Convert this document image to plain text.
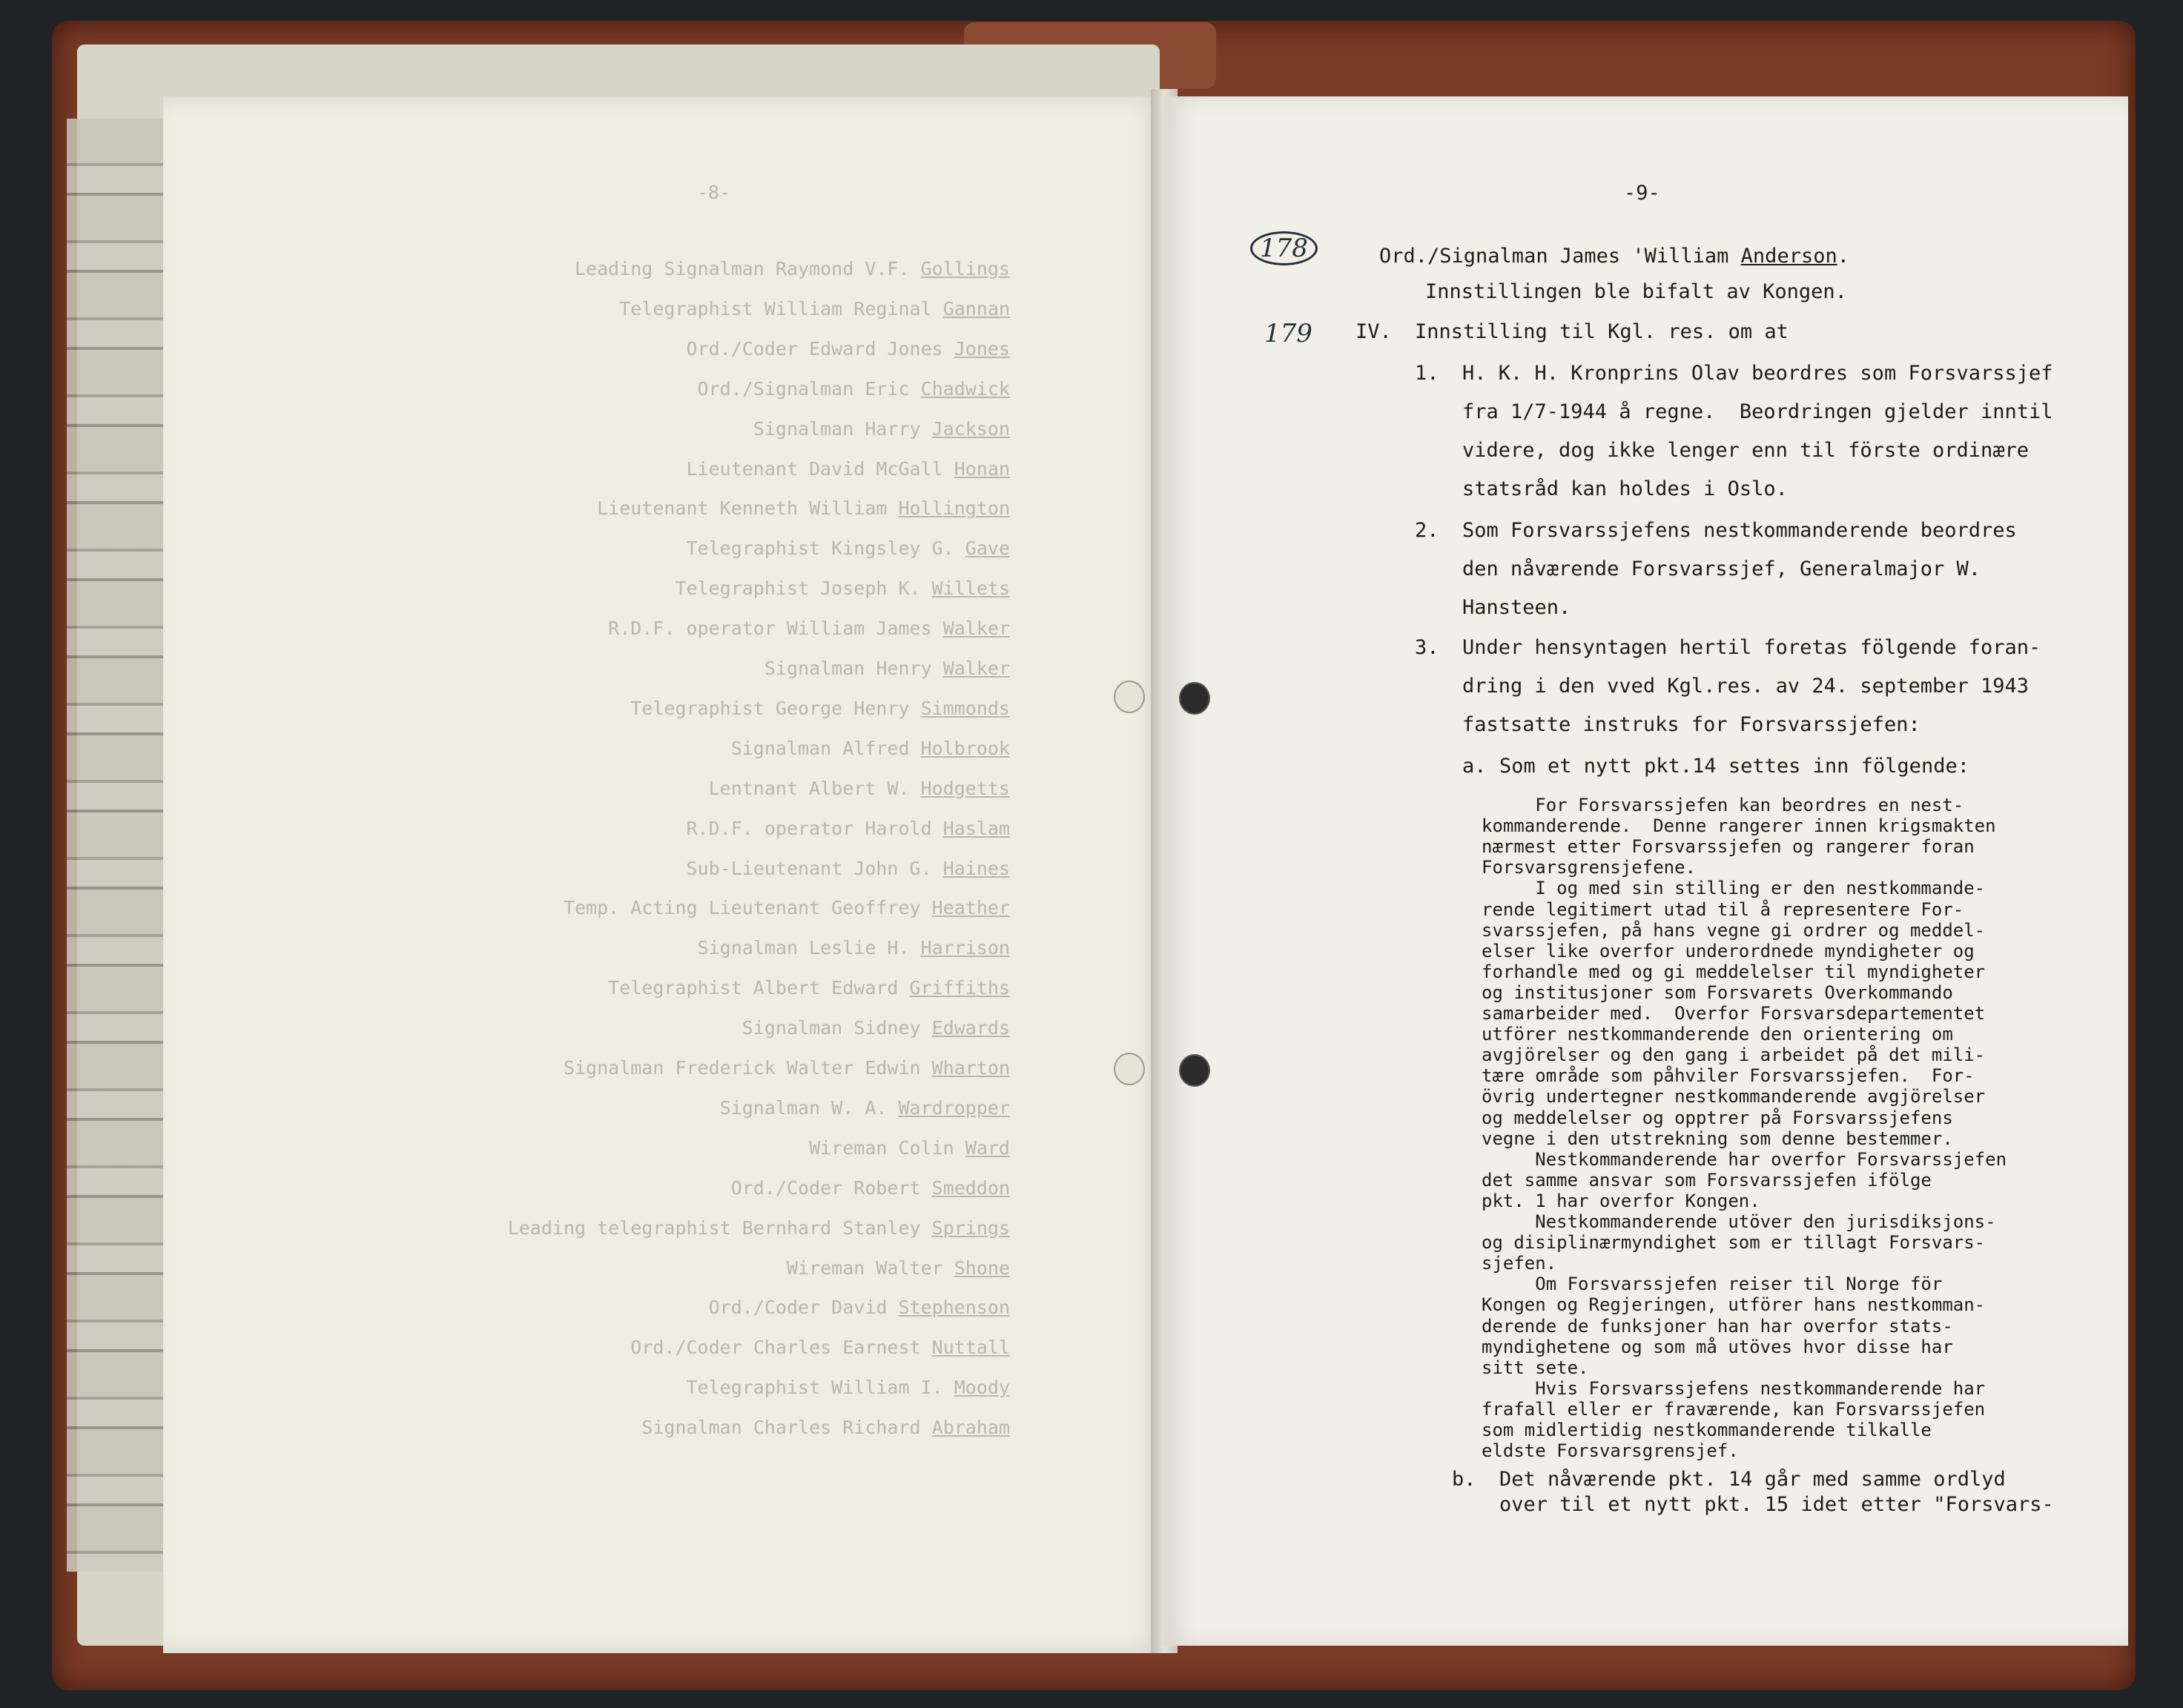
-8-
Leading Signalman Raymond V.F. Gollings
Telegraphist William Reginal Gannan
Ord./Coder Edward Jones Jones
Ord./Signalman Eric Chadwick
Signalman Harry Jackson
Lieutenant David McGall Honan
Lieutenant Kenneth William Hollington
Telegraphist Kingsley G. Gave
Telegraphist Joseph K. Willets
R.D.F. operator William James Walker
Signalman Henry Walker
Telegraphist George Henry Simmonds
Signalman Alfred Holbrook
Lentnant Albert W. Hodgetts
R.D.F. operator Harold Haslam
Sub-Lieutenant John G. Haines
Temp. Acting Lieutenant Geoffrey Heather
Signalman Leslie H. Harrison
Telegraphist Albert Edward Griffiths
Signalman Sidney Edwards
Signalman Frederick Walter Edwin Wharton
Signalman W. A. Wardropper
Wireman Colin Ward
Ord./Coder Robert Smeddon
Leading telegraphist Bernhard Stanley Springs
Wireman Walter Shone
Ord./Coder David Stephenson
Ord./Coder Charles Earnest Nuttall
Telegraphist William I. Moody
Signalman Charles Richard Abraham
-9-
178
179
Ord./Signalman James 'William Anderson.
Innstillingen ble bifalt av Kongen.
IV. Innstilling til Kgl. res. om at
1. H. K. H. Kronprins Olav beordres som Forsvarssjef
fra 1/7-1944 å regne.  Beordringen gjelder inntil
videre, dog ikke lenger enn til förste ordinære
statsråd kan holdes i Oslo.
2. Som Forsvarssjefens nestkommanderende beordres
den nåværende Forsvarssjef, Generalmajor W.
Hansteen.
3. Under hensyntagen hertil foretas fölgende foran-
dring i den vved Kgl.res. av 24. september 1943
fastsatte instruks for Forsvarssjefen:
a. Som et nytt pkt.14 settes inn fölgende:
For Forsvarssjefen kan beordres en nest-
kommanderende.  Denne rangerer innen krigsmakten
nærmest etter Forsvarssjefen og rangerer foran
Forsvarsgrensjefene.
I og med sin stilling er den nestkommande-
rende legitimert utad til å representere For-
svarssjefen, på hans vegne gi ordrer og meddel-
elser like overfor underordnede myndigheter og
forhandle med og gi meddelelser til myndigheter
og institusjoner som Forsvarets Overkommando
samarbeider med.  Overfor Forsvarsdepartementet
utförer nestkommanderende den orientering om
avgjörelser og den gang i arbeidet på det mili-
tære område som påhviler Forsvarssjefen.  For-
övrig undertegner nestkommanderende avgjörelser
og meddelelser og opptrer på Forsvarssjefens
vegne i den utstrekning som denne bestemmer.
Nestkommanderende har overfor Forsvarssjefen
det samme ansvar som Forsvarssjefen ifölge
pkt. 1 har overfor Kongen.
Nestkommanderende utöver den jurisdiksjons-
og disiplinærmyndighet som er tillagt Forsvars-
sjefen.
Om Forsvarssjefen reiser til Norge för
Kongen og Regjeringen, utförer hans nestkomman-
derende de funksjoner han har overfor stats-
myndighetene og som må utöves hvor disse har
sitt sete.
Hvis Forsvarssjefens nestkommanderende har
frafall eller er fraværende, kan Forsvarssjefen
som midlertidig nestkommanderende tilkalle
eldste Forsvarsgrensjef.
b. Det nåværende pkt. 14 går med samme ordlyd
over til et nytt pkt. 15 idet etter "Forsvars-
